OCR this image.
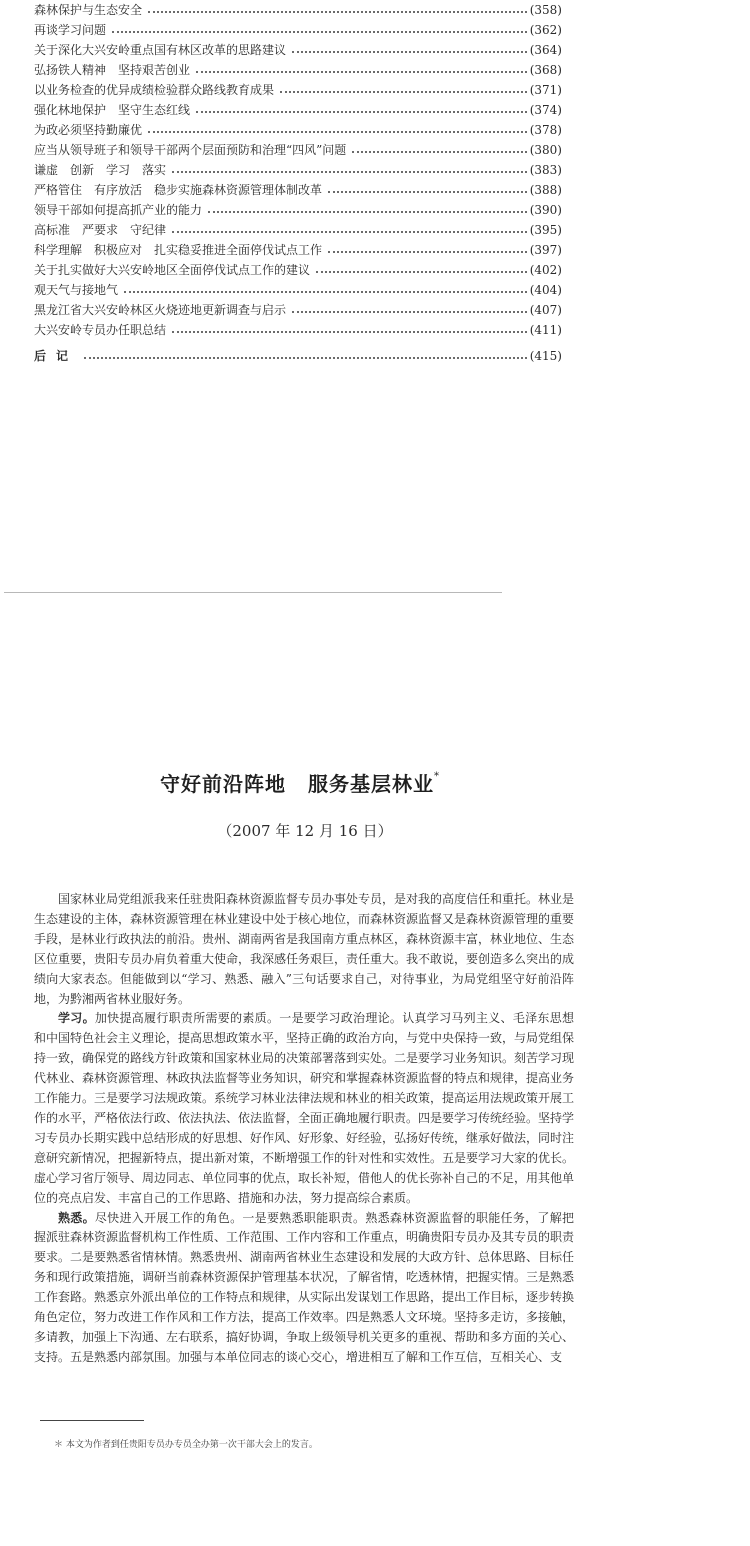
森林保护与生态安全	(358)
再谈学习问题	(362)
关于深化大兴安岭重点国有林区改革的思路建议	(364)
弘扬铁人精神　坚持艰苦创业	(368)
以业务检查的优异成绩检验群众路线教育成果	(371)
强化林地保护　坚守生态红线	(374)
为政必须坚持勤廉优	(378)
应当从领导班子和领导干部两个层面预防和治理“四风”问题	(380)
谦虚　创新　学习　落实	(383)
严格管住　有序放活　稳步实施森林资源管理体制改革	(388)
领导干部如何提高抓产业的能力	(390)
高标准　严要求　守纪律	(395)
科学理解　积极应对　扎实稳妥推进全面停伐试点工作	(397)
关于扎实做好大兴安岭地区全面停伐试点工作的建议	(402)
观天气与接地气	(404)
黑龙江省大兴安岭林区火烧迹地更新调查与启示	(407)
大兴安岭专员办任职总结	(411)
后记	(415)
守好前沿阵地 服务基层林业*
（2007 年 12 月 16 日）

国家林业局党组派我来任驻贵阳森林资源监督专员办事处专员，是对我的高度信任和重托。林业是生态建设的主体，森林资源管理在林业建设中处于核心地位，而森林资源监督又是森林资源管理的重要手段，是林业行政执法的前沿。贵州、湖南两省是我国南方重点林区，森林资源丰富，林业地位、生态区位重要，贵阳专员办肩负着重大使命，我深感任务艰巨，责任重大。我不敢说，要创造多么突出的成绩向大家表态。但能做到以“学习、熟悉、融入”三句话要求自己，对待事业，为局党组坚守好前沿阵地，为黔湘两省林业服好务。

学习。加快提高履行职责所需要的素质。一是要学习政治理论。认真学习马列主义、毛泽东思想和中国特色社会主义理论，提高思想政策水平，坚持正确的政治方向，与党中央保持一致，与局党组保持一致，确保党的路线方针政策和国家林业局的决策部署落到实处。二是要学习业务知识。刻苦学习现代林业、森林资源管理、林政执法监督等业务知识，研究和掌握森林资源监督的特点和规律，提高业务工作能力。三是要学习法规政策。系统学习林业法律法规和林业的相关政策，提高运用法规政策开展工作的水平，严格依法行政、依法执法、依法监督，全面正确地履行职责。四是要学习传统经验。坚持学习专员办长期实践中总结形成的好思想、好作风、好形象、好经验，弘扬好传统，继承好做法，同时注意研究新情况，把握新特点，提出新对策，不断增强工作的针对性和实效性。五是要学习大家的优长。虚心学习省厅领导、周边同志、单位同事的优点，取长补短，借他人的优长弥补自己的不足，用其他单位的亮点启发、丰富自己的工作思路、措施和办法，努力提高综合素质。

熟悉。尽快进入开展工作的角色。一是要熟悉职能职责。熟悉森林资源监督的职能任务，了解把握派驻森林资源监督机构工作性质、工作范围、工作内容和工作重点，明确贵阳专员办及其专员的职责要求。二是要熟悉省情林情。熟悉贵州、湖南两省林业生态建设和发展的大政方针、总体思路、目标任务和现行政策措施，调研当前森林资源保护管理基本状况，了解省情，吃透林情，把握实情。三是熟悉工作套路。熟悉京外派出单位的工作特点和规律，从实际出发谋划工作思路，提出工作目标，逐步转换角色定位，努力改进工作作风和工作方法，提高工作效率。四是熟悉人文环境。坚持多走访，多接触，多请教，加强上下沟通、左右联系，搞好协调，争取上级领导机关更多的重视、帮助和多方面的关心、支持。五是熟悉内部氛围。加强与本单位同志的谈心交心，增进相互了解和工作互信，互相关心、支

＊ 本文为作者到任贵阳专员办专员全办第一次干部大会上的发言。
